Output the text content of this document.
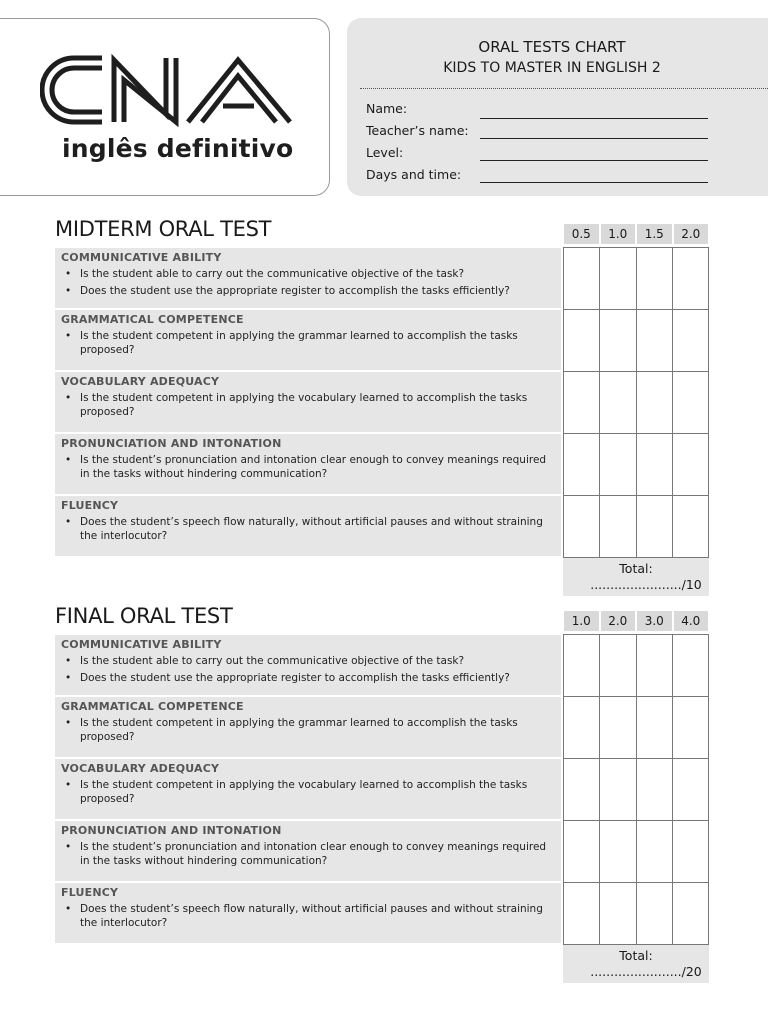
CNA
inglês definitivo
ORAL TESTS CHART
KIDS TO MASTER IN ENGLISH 2
Name:
Teacher’s name:
Level:
Days and time:
MIDTERM ORAL TEST	0.5	1.0	1.5	2.0
COMMUNICATIVE ABILITY
• Is the student able to carry out the communicative objective of the task?
• Does the student use the appropriate register to accomplish the tasks efficiently?
GRAMMATICAL COMPETENCE
• Is the student competent in applying the grammar learned to accomplish the tasks proposed?
VOCABULARY ADEQUACY
• Is the student competent in applying the vocabulary learned to accomplish the tasks proposed?
PRONUNCIATION AND INTONATION
• Is the student’s pronunciation and intonation clear enough to convey meanings required in the tasks without hindering communication?
FLUENCY
• Does the student’s speech flow naturally, without artificial pauses and without straining the interlocutor?
Total:
......................./10
FINAL ORAL TEST	1.0	2.0	3.0	4.0
COMMUNICATIVE ABILITY
• Is the student able to carry out the communicative objective of the task?
• Does the student use the appropriate register to accomplish the tasks efficiently?
GRAMMATICAL COMPETENCE
• Is the student competent in applying the grammar learned to accomplish the tasks proposed?
VOCABULARY ADEQUACY
• Is the student competent in applying the vocabulary learned to accomplish the tasks proposed?
PRONUNCIATION AND INTONATION
• Is the student’s pronunciation and intonation clear enough to convey meanings required in the tasks without hindering communication?
FLUENCY
• Does the student’s speech flow naturally, without artificial pauses and without straining the interlocutor?
Total:
......................./20
